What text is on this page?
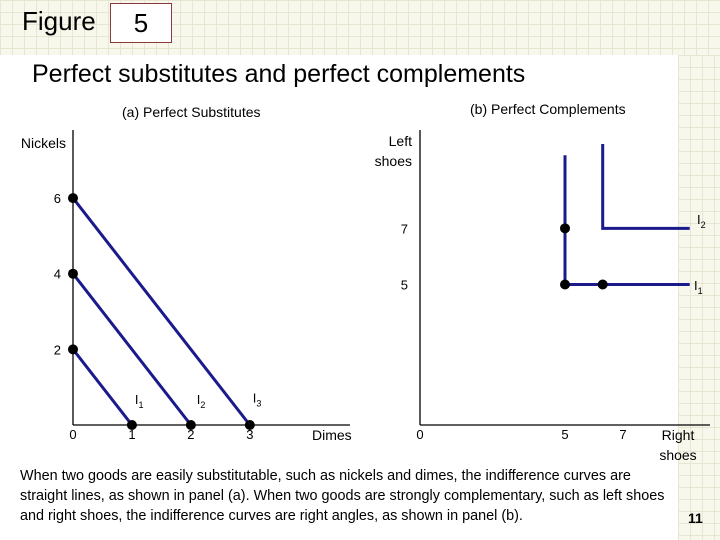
Figure 5
Perfect substitutes and perfect complements
(a) Perfect Substitutes	(b) Perfect Complements
$I_1$	$I_2$	$I_3$
0	1	2	3
2
4
6
$I_1$
$I_2$
0	5	7
5
7
Nickels
Dimes
Left
shoes
Right
shoes
When two goods are easily substitutable, such as nickels and dimes, the indifference curves are straight lines, as shown in panel (a). When two goods are strongly complementary, such as left shoes and right shoes, the indifference curves are right angles, as shown in panel (b).	11
